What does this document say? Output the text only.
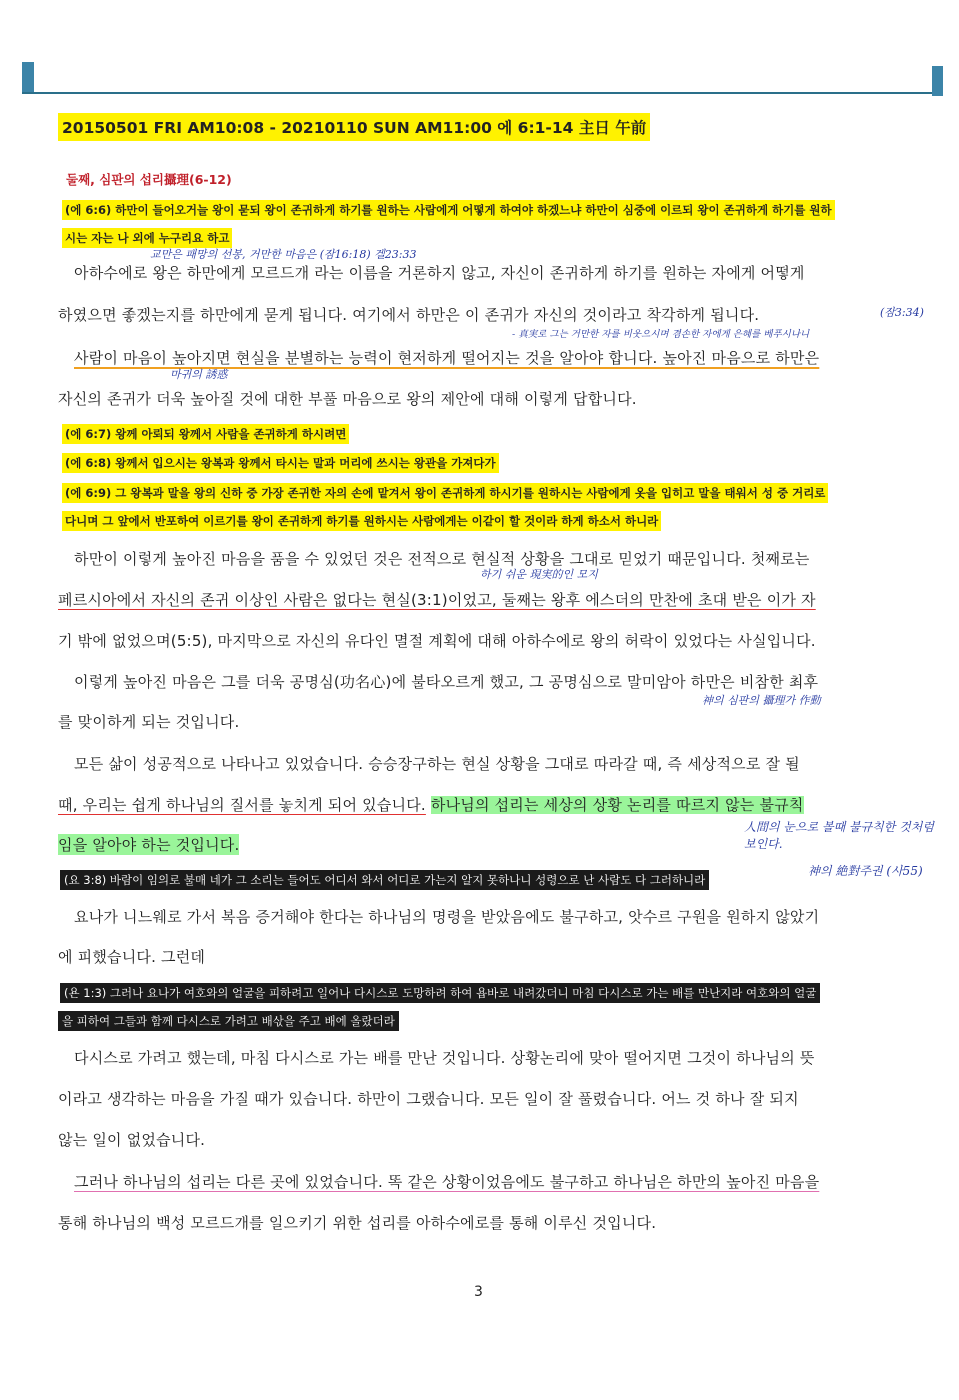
20150501 FRI AM10:08 - 20210110 SUN AM11:00 에 6:1-14 主日 午前
둘째, 심판의 섭리攝理(6-12)
(에 6:6) 하만이 들어오거늘 왕이 묻되 왕이 존귀하게 하기를 원하는 사람에게 어떻게 하여야 하겠느냐 하만이 심중에 이르되 왕이 존귀하게 하기를 원하
시는 자는 나 외에 누구리요 하고
교만은 패망의 선봉, 거만한 마음은 (잠16:18) 겔23:33
아하수에로 왕은 하만에게 모르드개 라는 이름을 거론하지 않고, 자신이 존귀하게 하기를 원하는 자에게 어떻게
하였으면 좋겠는지를 하만에게 묻게 됩니다. 여기에서 하만은 이 존귀가 자신의 것이라고 착각하게 됩니다.	(잠3:34)
- 真実로 그는 거만한 자를 비웃으시며 겸손한 자에게 은혜를 베푸시나니
사람이 마음이 높아지면 현실을 분별하는 능력이 현저하게 떨어지는 것을 알아야 합니다. 높아진 마음으로 하만은
마귀의 誘惑
자신의 존귀가 더욱 높아질 것에 대한 부풀 마음으로 왕의 제안에 대해 이렇게 답합니다.
(에 6:7) 왕께 아뢰되 왕께서 사람을 존귀하게 하시려면
(에 6:8) 왕께서 입으시는 왕복과 왕께서 타시는 말과 머리에 쓰시는 왕관을 가져다가
(에 6:9) 그 왕복과 말을 왕의 신하 중 가장 존귀한 자의 손에 맡겨서 왕이 존귀하게 하시기를 원하시는 사람에게 옷을 입히고 말을 태워서 성 중 거리로
다니며 그 앞에서 반포하여 이르기를 왕이 존귀하게 하기를 원하시는 사람에게는 이같이 할 것이라 하게 하소서 하니라
하만이 이렇게 높아진 마음을 품을 수 있었던 것은 전적으로 현실적 상황을 그대로 믿었기 때문입니다. 첫째로는
하기 쉬운 現実的인 모지
페르시아에서 자신의 존귀 이상인 사람은 없다는 현실(3:1)이었고, 둘째는 왕후 에스더의 만찬에 초대 받은 이가 자
기 밖에 없었으며(5:5), 마지막으로 자신의 유다인 멸절 계획에 대해 아하수에로 왕의 허락이 있었다는 사실입니다.
이렇게 높아진 마음은 그를 더욱 공명심(功名心)에 불타오르게 했고, 그 공명심으로 말미암아 하만은 비참한 최후
神의 심판의 攝理가 作動
를 맞이하게 되는 것입니다.
모든 삶이 성공적으로 나타나고 있었습니다. 승승장구하는 현실 상황을 그대로 따라갈 때, 즉 세상적으로 잘 될
때, 우리는 쉽게 하나님의 질서를 놓치게 되어 있습니다. 하나님의 섭리는 세상의 상황 논리를 따르지 않는 불규칙
임을 알아야 하는 것입니다.
人間의 눈으로 볼때 불규칙한 것처럼 보인다.
神의 絶對주권 (사55)
(요 3:8) 바람이 임의로 불매 네가 그 소리는 들어도 어디서 와서 어디로 가는지 알지 못하나니 성령으로 난 사람도 다 그러하니라
요나가 니느웨로 가서 복음 증거해야 한다는 하나님의 명령을 받았음에도 불구하고, 앗수르 구원을 원하지 않았기
에 피했습니다. 그런데
(욘 1:3) 그러나 요나가 여호와의 얼굴을 피하려고 일어나 다시스로 도망하려 하여 욥바로 내려갔더니 마침 다시스로 가는 배를 만난지라 여호와의 얼굴
을 피하여 그들과 함께 다시스로 가려고 배삯을 주고 배에 올랐더라
다시스로 가려고 했는데, 마침 다시스로 가는 배를 만난 것입니다. 상황논리에 맞아 떨어지면 그것이 하나님의 뜻
이라고 생각하는 마음을 가질 때가 있습니다. 하만이 그랬습니다. 모든 일이 잘 풀렸습니다. 어느 것 하나 잘 되지
않는 일이 없었습니다.
그러나 하나님의 섭리는 다른 곳에 있었습니다. 똑 같은 상황이었음에도 불구하고 하나님은 하만의 높아진 마음을
통해 하나님의 백성 모르드개를 일으키기 위한 섭리를 아하수에로를 통해 이루신 것입니다.
3
